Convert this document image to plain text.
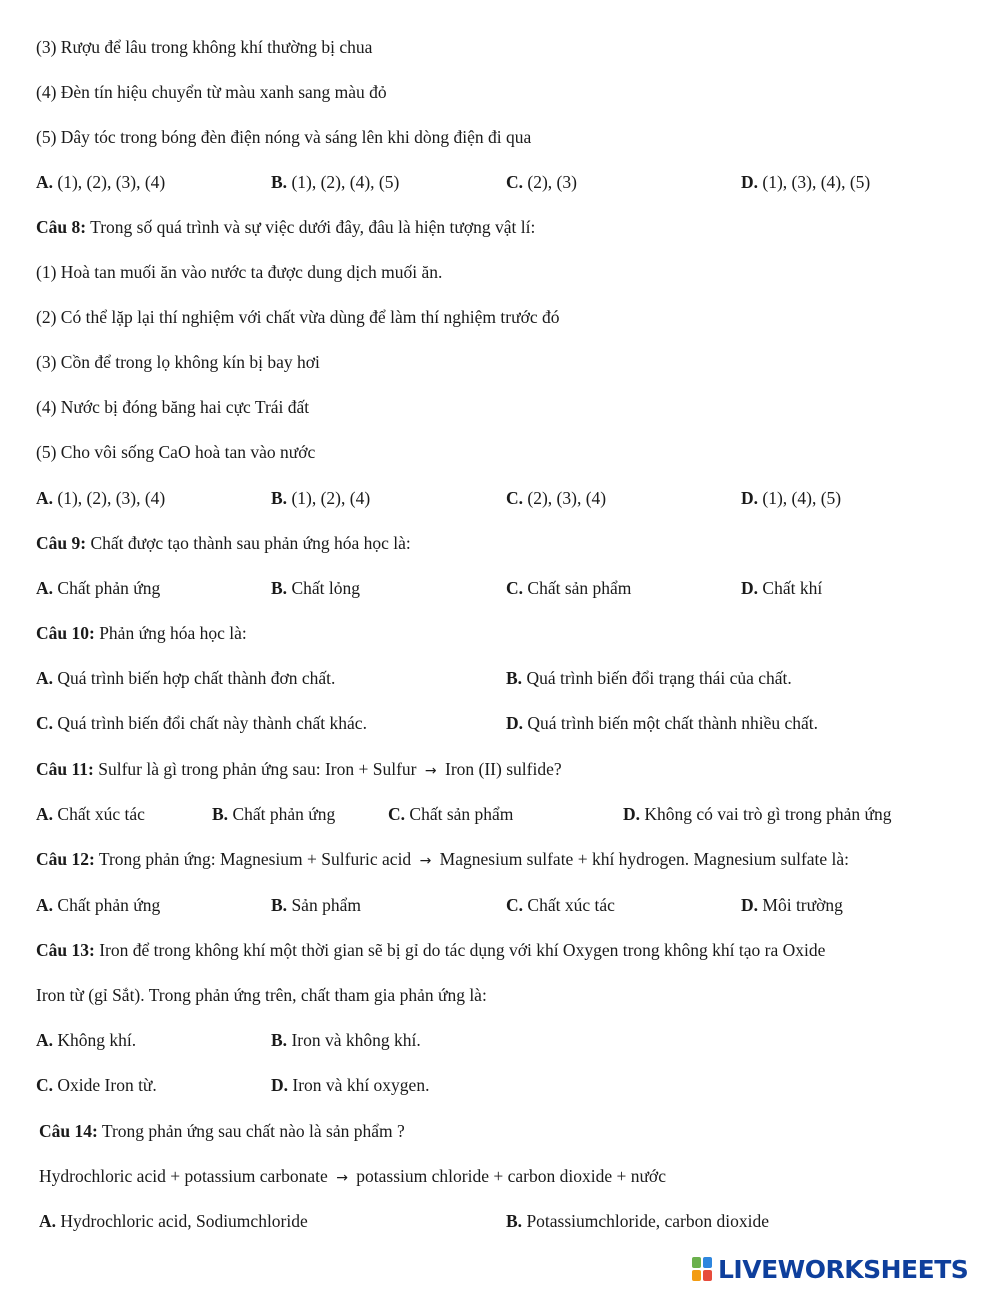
(3) Rượu để lâu trong không khí thường bị chua
(4) Đèn tín hiệu chuyển từ màu xanh sang màu đỏ
(5) Dây tóc trong bóng đèn điện nóng và sáng lên khi dòng điện đi qua
A. (1), (2), (3), (4)	B. (1), (2), (4), (5)	C. (2), (3)	D. (1), (3), (4), (5)
Câu 8: Trong số quá trình và sự việc dưới đây, đâu là hiện tượng vật lí:
(1) Hoà tan muối ăn vào nước ta được dung dịch muối ăn.
(2) Có thể lặp lại thí nghiệm với chất vừa dùng để làm thí nghiệm trước đó
(3) Cồn để trong lọ không kín bị bay hơi
(4) Nước bị đóng băng hai cực Trái đất
(5) Cho vôi sống CaO hoà tan vào nước
A. (1), (2), (3), (4)	B. (1), (2), (4)	C. (2), (3), (4)	D. (1), (4), (5)
Câu 9: Chất được tạo thành sau phản ứng hóa học là:
A. Chất phản ứng	B. Chất lỏng	C. Chất sản phẩm	D. Chất khí
Câu 10: Phản ứng hóa học là:
A. Quá trình biến hợp chất thành đơn chất.	B. Quá trình biến đổi trạng thái của chất.
C. Quá trình biến đổi chất này thành chất khác.	D. Quá trình biến một chất thành nhiều chất.
Câu 11: Sulfur là gì trong phản ứng sau: Iron + Sulfur → Iron (II) sulfide?
A. Chất xúc tác	B. Chất phản ứng	C. Chất sản phẩm	D. Không có vai trò gì trong phản ứng
Câu 12: Trong phản ứng: Magnesium + Sulfuric acid → Magnesium sulfate + khí hydrogen. Magnesium sulfate là:
A. Chất phản ứng	B. Sản phẩm	C. Chất xúc tác	D. Môi trường
Câu 13: Iron để trong không khí một thời gian sẽ bị gỉ do tác dụng với khí Oxygen trong không khí tạo ra Oxide
Iron từ (gỉ Sắt). Trong phản ứng trên, chất tham gia phản ứng là:
A. Không khí.	B. Iron và không khí.
C. Oxide Iron từ.	D. Iron và khí oxygen.
Câu 14: Trong phản ứng sau chất nào là sản phẩm ?
Hydrochloric acid + potassium carbonate → potassium chloride + carbon dioxide + nước
A. Hydrochloric acid, Sodiumchloride	B. Potassiumchloride, carbon dioxide
LIVEWORKSHEETS
